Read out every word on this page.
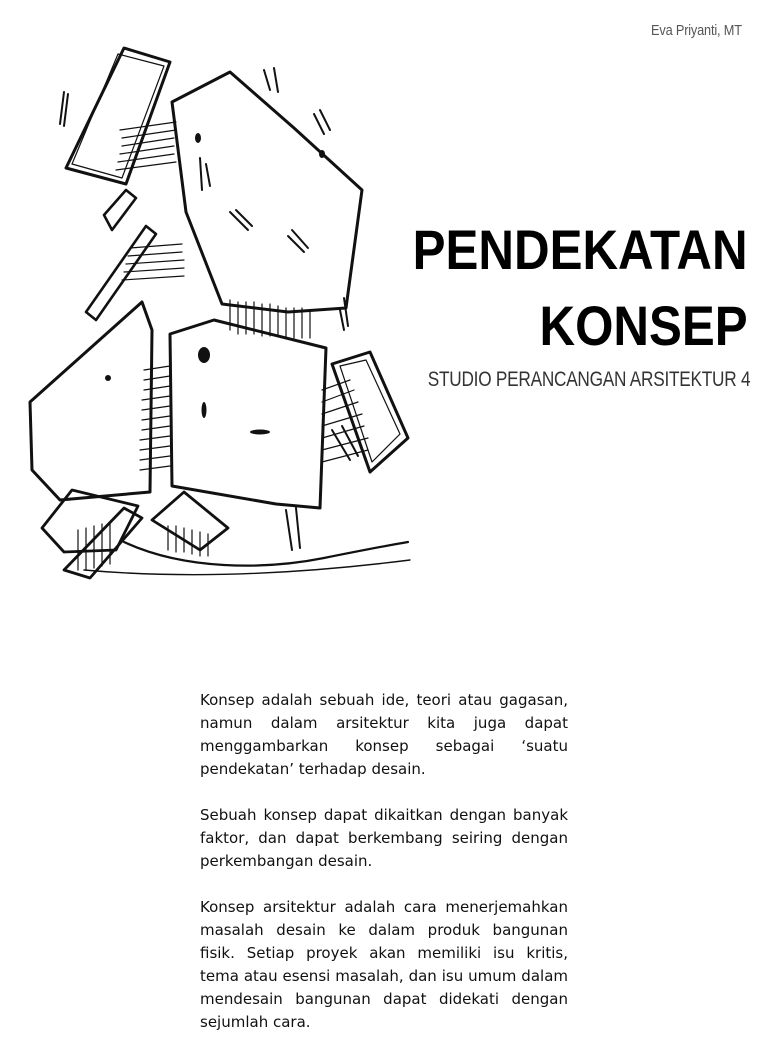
Eva Priyanti, MT
PENDEKATAN
KONSEP
STUDIO PERANCANGAN ARSITEKTUR 4

Konsep adalah sebuah ide, teori atau gagasan, namun dalam arsitektur kita juga dapat menggambarkan konsep sebagai ‘suatu pendekatan’ terhadap desain.

Sebuah konsep dapat dikaitkan dengan banyak faktor, dan dapat berkembang seiring dengan perkembangan desain.

Konsep arsitektur adalah cara menerjemahkan masalah desain ke dalam produk bangunan fisik. Setiap proyek akan memiliki isu kritis, tema atau esensi masalah, dan isu umum dalam mendesain bangunan dapat didekati dengan sejumlah cara.
